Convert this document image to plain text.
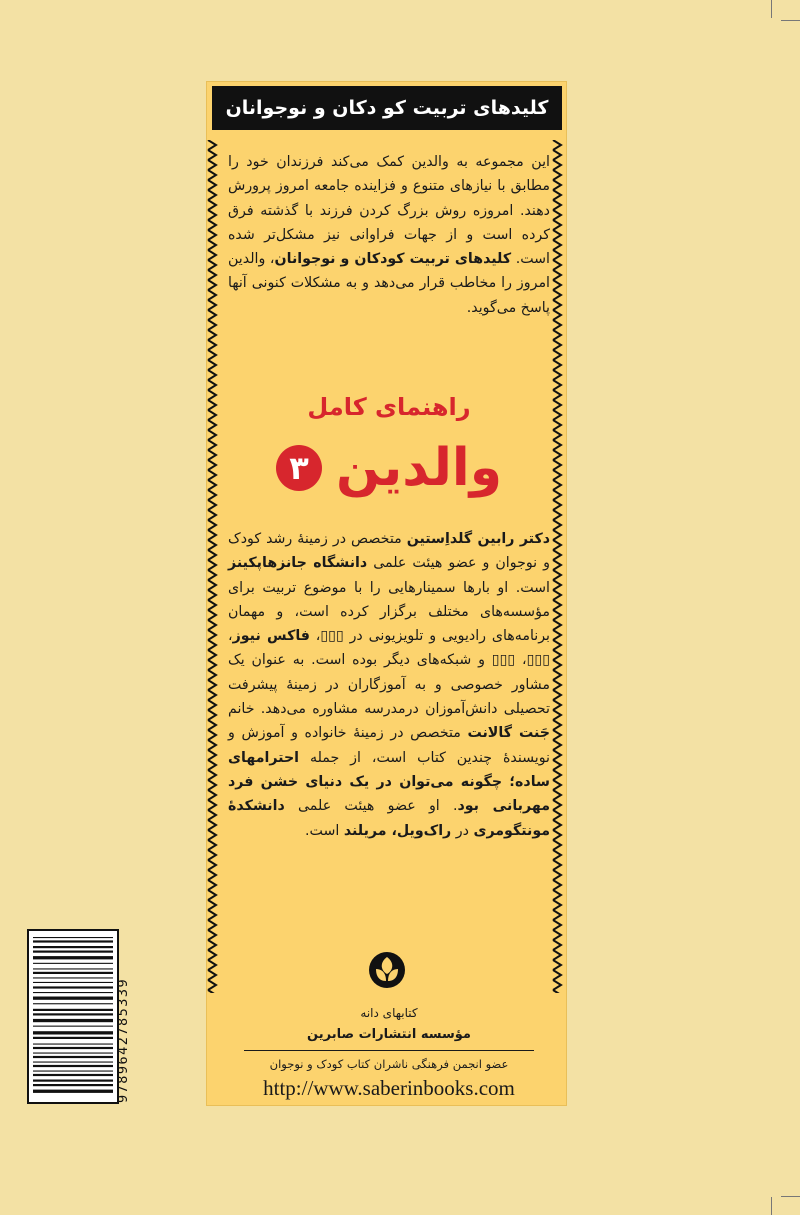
کلیدهای تربیت کو دکان و نوجوانان
این مجموعه به والدین کمک می‌کند فرزندان خود را مطابق با نیازهای متنوع و فزاینده جامعه امروز پرورش دهند. امروزه روش بزرگ کردن فرزند با گذشته فرق کرده است و از جهات فراوانی نیز مشکل‌تر شده است. کلیدهای تربیت کودکان و نوجوانان، والدین امروز را مخاطب قرار می‌دهد و به مشکلات کنونی آنها پاسخ می‌گوید.
راهنمای کامل
والدین
۳
دکتر رابین گلداِستین متخصص در زمینهٔ رشد کودک و نوجوان و عضو هیئت علمی دانشگاه جانزهاپکینز است. او بارها سمینارهایی را با موضوع تربیت برای مؤسسه‌های مختلف برگزار کرده است، و مهمان برنامه‌های رادیویی و تلویزیونی در ▯▯▯، فاکس نیوز، ▯▯▯، ▯▯▯ و شبکه‌های دیگر بوده است. به عنوان یک مشاور خصوصی و به آموزگاران در زمینهٔ پیشرفت تحصیلی دانش‌آموزان درمدرسه مشاوره می‌دهد. خانم جَنت گالانت متخصص در زمینهٔ خانواده و آموزش و نویسندهٔ چندین کتاب است، از جمله احترامهای ساده؛ چگونه می‌توان در یک دنیای خشن فرد مهربانی بود. او عضو هیئت علمی دانشکدهٔ مونتگومری در راک‌ویل، مریلند است.
کتابهای دانه
مؤسسه انتشارات صابرین
عضو انجمن فرهنگی ناشران کتاب کودک و نوجوان
http://www.saberinbooks.com
9789642785339
